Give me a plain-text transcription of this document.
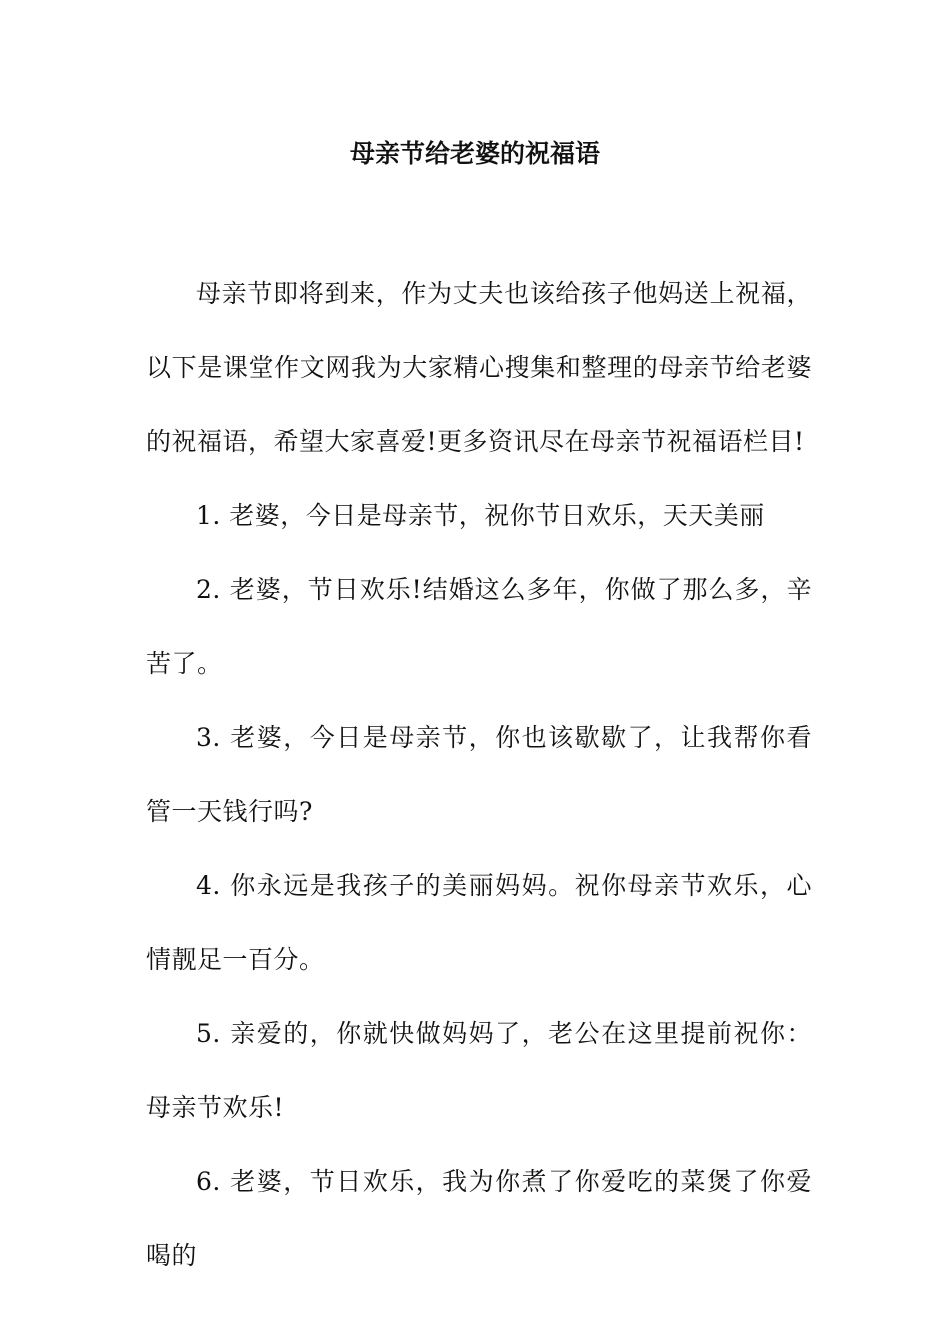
母亲节给老婆的祝福语

母亲节即将到来，作为丈夫也该给孩子他妈送上祝福，以下是课堂作文网我为大家精心搜集和整理的母亲节给老婆的祝福语，希望大家喜爱!更多资讯尽在母亲节祝福语栏目!

1. 老婆，今日是母亲节，祝你节日欢乐，天天美丽

2. 老婆，节日欢乐!结婚这么多年，你做了那么多，辛苦了。

3. 老婆，今日是母亲节，你也该歇歇了，让我帮你看管一天钱行吗?

4. 你永远是我孩子的美丽妈妈。祝你母亲节欢乐，心情靓足一百分。

5. 亲爱的，你就快做妈妈了，老公在这里提前祝你：母亲节欢乐!

6. 老婆，节日欢乐，我为你煮了你爱吃的菜煲了你爱喝的
